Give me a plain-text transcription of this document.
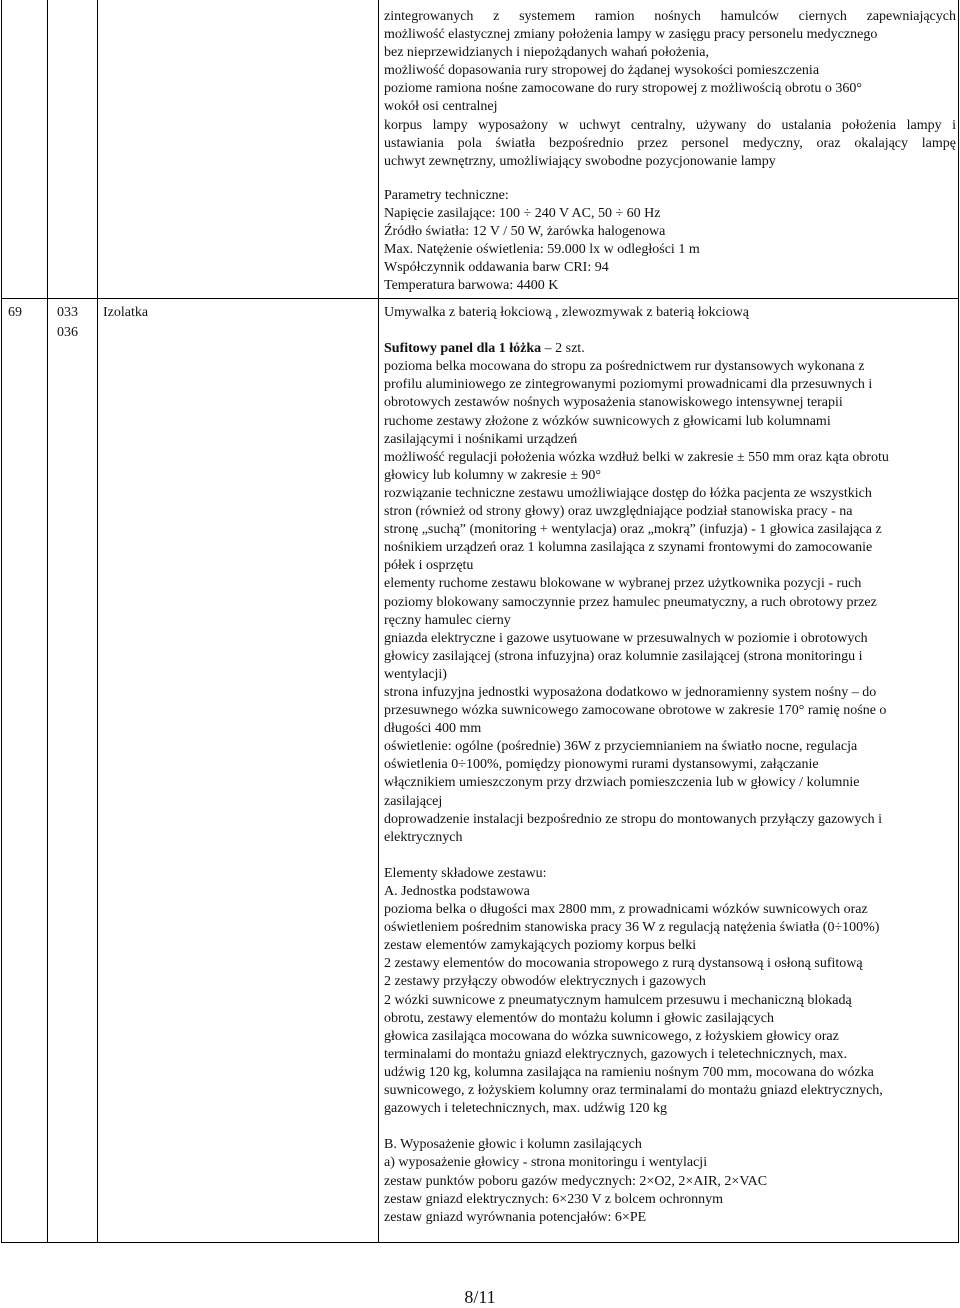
zintegrowanych z systemem ramion nośnych hamulców ciernych zapewniających
możliwość elastycznej zmiany położenia lampy w zasięgu pracy personelu medycznego
bez nieprzewidzianych i niepożądanych wahań położenia,
możliwość dopasowania rury stropowej do żądanej wysokości pomieszczenia
poziome ramiona nośne zamocowane do rury stropowej z możliwością obrotu o 360°
wokół osi centralnej
korpus lampy wyposażony w uchwyt centralny, używany do ustalania położenia lampy i
ustawiania pola światła bezpośrednio przez personel medyczny, oraz okalający lampę
uchwyt zewnętrzny, umożliwiający swobodne pozycjonowanie lampy
Parametry techniczne:
Napięcie zasilające: 100 ÷ 240 V AC, 50 ÷ 60 Hz
Źródło światła: 12 V / 50 W, żarówka halogenowa
Max. Natężenie oświetlenia: 59.000 lx w odległości 1 m
Współczynnik oddawania barw CRI: 94
Temperatura barwowa: 4400 K
69	033
036
Izolatka	Umywalka z baterią łokciową , zlewozmywak z baterią łokciową
Sufitowy panel dla 1 łóżka – 2 szt.
pozioma belka mocowana do stropu za pośrednictwem rur dystansowych wykonana z
profilu aluminiowego ze zintegrowanymi poziomymi prowadnicami dla przesuwnych i
obrotowych zestawów nośnych wyposażenia stanowiskowego intensywnej terapii
ruchome zestawy złożone z wózków suwnicowych z głowicami lub kolumnami
zasilającymi i nośnikami urządzeń
możliwość regulacji położenia wózka wzdłuż belki w zakresie ± 550 mm oraz kąta obrotu
głowicy lub kolumny w zakresie ± 90°
rozwiązanie techniczne zestawu umożliwiające dostęp do łóżka pacjenta ze wszystkich
stron (również od strony głowy) oraz uwzględniające podział stanowiska pracy - na
stronę „suchą” (monitoring + wentylacja) oraz „mokrą” (infuzja) - 1 głowica zasilająca z
nośnikiem urządzeń oraz 1 kolumna zasilająca z szynami frontowymi do zamocowanie
półek i osprzętu
elementy ruchome zestawu blokowane w wybranej przez użytkownika pozycji - ruch
poziomy blokowany samoczynnie przez hamulec pneumatyczny, a ruch obrotowy przez
ręczny hamulec cierny
gniazda elektryczne i gazowe usytuowane w przesuwalnych w poziomie i obrotowych
głowicy zasilającej (strona infuzyjna) oraz kolumnie zasilającej (strona monitoringu i
wentylacji)
strona infuzyjna jednostki wyposażona dodatkowo w jednoramienny system nośny – do
przesuwnego wózka suwnicowego zamocowane obrotowe w zakresie 170° ramię nośne o
długości 400 mm
oświetlenie: ogólne (pośrednie) 36W z przyciemnianiem na światło nocne, regulacja
oświetlenia 0÷100%, pomiędzy pionowymi rurami dystansowymi, załączanie
włącznikiem umieszczonym przy drzwiach pomieszczenia lub w głowicy / kolumnie
zasilającej
doprowadzenie instalacji bezpośrednio ze stropu do montowanych przyłączy gazowych i
elektrycznych
Elementy składowe zestawu:
A. Jednostka podstawowa
pozioma belka o długości max 2800 mm, z prowadnicami wózków suwnicowych oraz
oświetleniem pośrednim stanowiska pracy 36 W z regulacją natężenia światła (0÷100%)
zestaw elementów zamykających poziomy korpus belki
2 zestawy elementów do mocowania stropowego z rurą dystansową i osłoną sufitową
2 zestawy przyłączy obwodów elektrycznych i gazowych
2 wózki suwnicowe z pneumatycznym hamulcem przesuwu i mechaniczną blokadą
obrotu, zestawy elementów do montażu kolumn i głowic zasilających
głowica zasilająca mocowana do wózka suwnicowego, z łożyskiem głowicy oraz
terminalami do montażu gniazd elektrycznych, gazowych i teletechnicznych, max.
udźwig 120 kg, kolumna zasilająca na ramieniu nośnym 700 mm, mocowana do wózka
suwnicowego, z łożyskiem kolumny oraz terminalami do montażu gniazd elektrycznych,
gazowych i teletechnicznych, max. udźwig 120 kg
B. Wyposażenie głowic i kolumn zasilających
a) wyposażenie głowicy - strona monitoringu i wentylacji
zestaw punktów poboru gazów medycznych: 2×O2, 2×AIR, 2×VAC
zestaw gniazd elektrycznych: 6×230 V z bolcem ochronnym
zestaw gniazd wyrównania potencjałów: 6×PE
8/11
